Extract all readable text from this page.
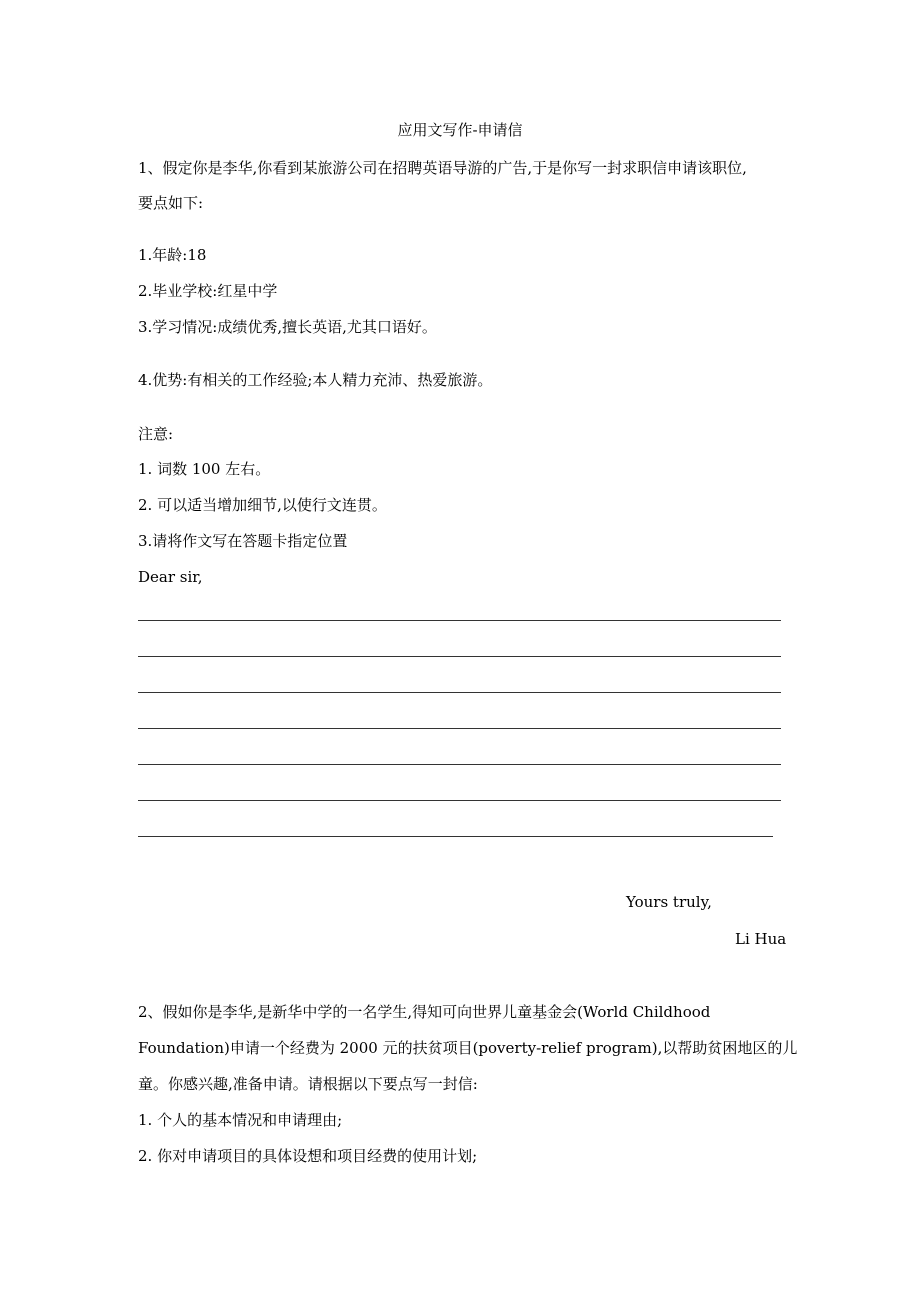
应用文写作-申请信
1、假定你是李华,你看到某旅游公司在招聘英语导游的广告,于是你写一封求职信申请该职位,
要点如下:
1.年龄:18
2.毕业学校:红星中学
3.学习情况:成绩优秀,擅长英语,尤其口语好。
4.优势:有相关的工作经验;本人精力充沛、热爱旅游。
注意:
1. 词数 100 左右。
2. 可以适当增加细节,以使行文连贯。
3.请将作文写在答题卡指定位置
Dear sir,
Yours truly,
Li Hua
2、假如你是李华,是新华中学的一名学生,得知可向世界儿童基金会(World Childhood
Foundation)申请一个经费为 2000 元的扶贫项目(poverty-relief program),以帮助贫困地区的儿
童。你感兴趣,准备申请。请根据以下要点写一封信:
1. 个人的基本情况和申请理由;
2. 你对申请项目的具体设想和项目经费的使用计划;
